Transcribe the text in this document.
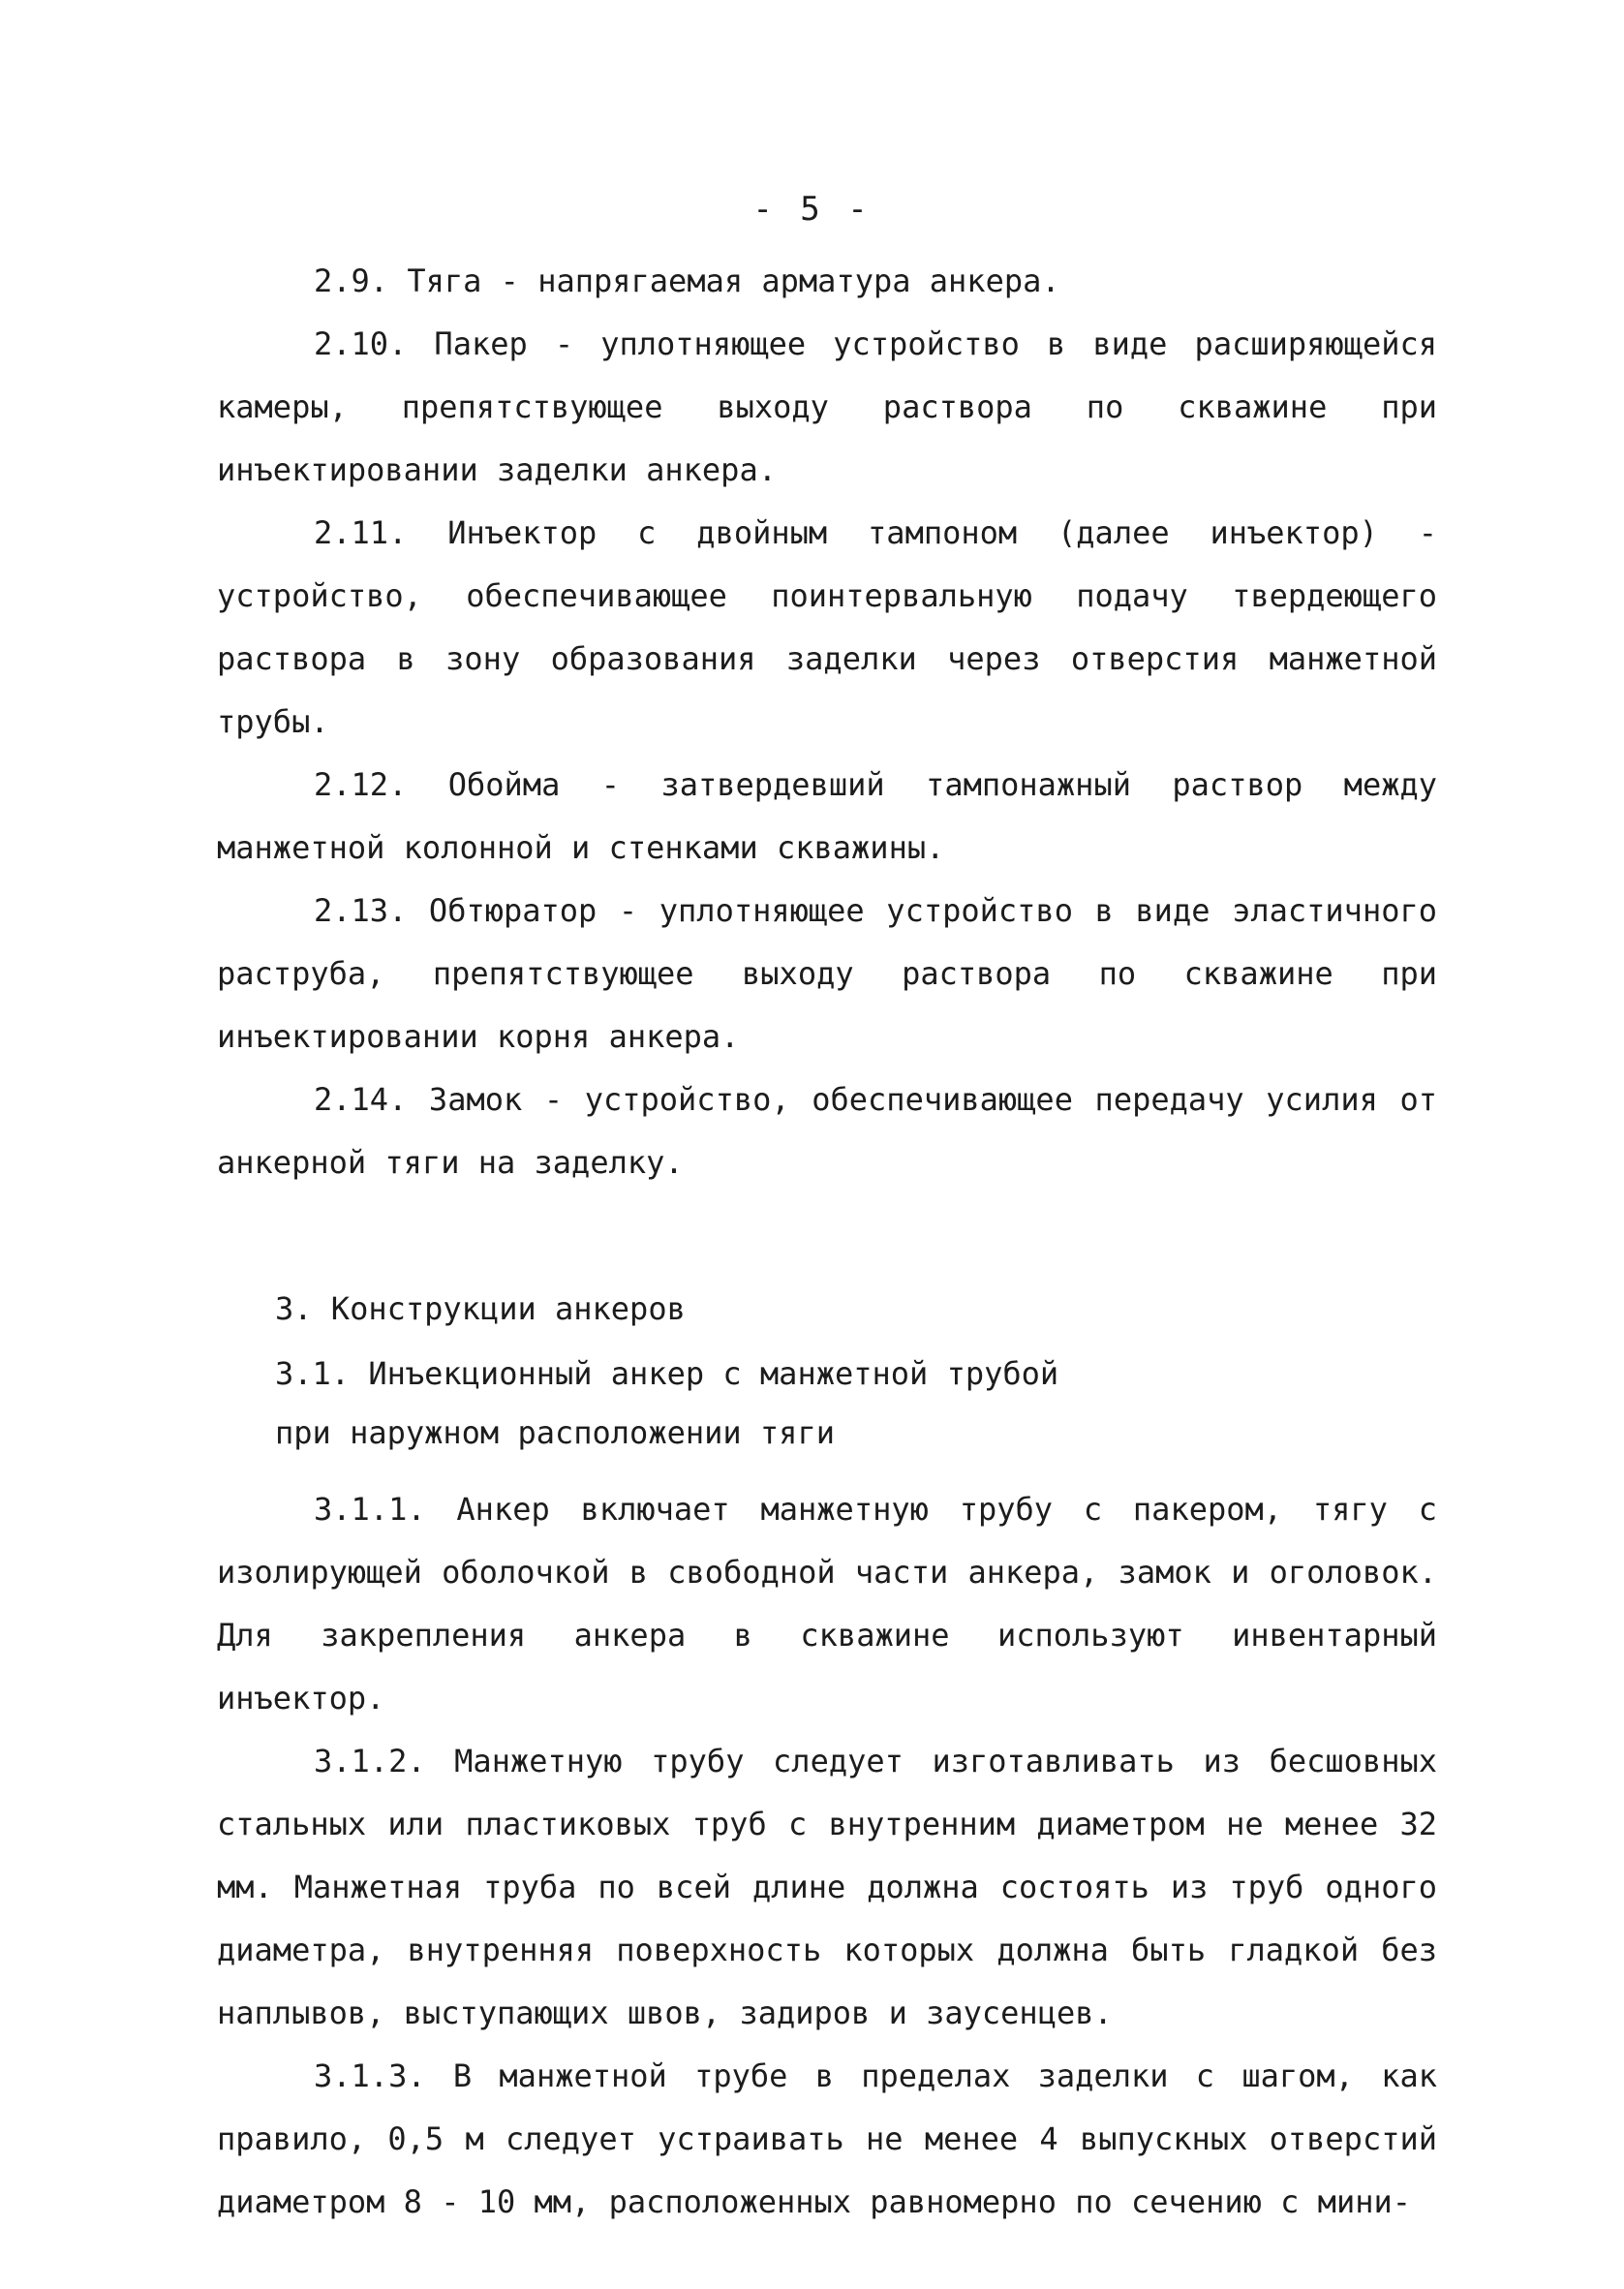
- 5 -

2.9. Тяга - напрягаемая арматура анкера.

2.10. Пакер - уплотняющее устройство в виде расширяющейся камеры, препятствующее выходу раствора по скважине при инъектировании заделки анкера.

2.11. Инъектор с двойным тампоном (далее инъектор) - устройство, обеспечивающее поинтервальную подачу твердеющего раствора в зону образования заделки через отверстия манжетной трубы.

2.12. Обойма - затвердевший тампонажный раствор между манжетной колонной и стенками скважины.

2.13. Обтюратор - уплотняющее устройство в виде эластичного раструба, препятствующее выходу раствора по скважине при инъектировании корня анкера.

2.14. Замок - устройство, обеспечивающее передачу усилия от анкерной тяги на заделку.

3. Конструкции анкеров

3.1. Инъекционный анкер с манжетной трубой
при наружном расположении тяги

3.1.1. Анкер включает манжетную трубу с пакером, тягу с изолирующей оболочкой в свободной части анкера, замок и оголовок. Для закрепления анкера в скважине используют инвентарный инъектор.

3.1.2. Манжетную трубу следует изготавливать из бесшовных стальных или пластиковых труб с внутренним диаметром не менее 32 мм. Манжетная труба по всей длине должна состоять из труб одного диаметра, внутренняя поверхность которых должна быть гладкой без наплывов, выступающих швов, задиров и заусенцев.

3.1.3. В манжетной трубе в пределах заделки с шагом, как правило, 0,5 м следует устраивать не менее 4 выпускных отверстий диаметром 8 - 10 мм, расположенных равномерно по сечению с мини-
